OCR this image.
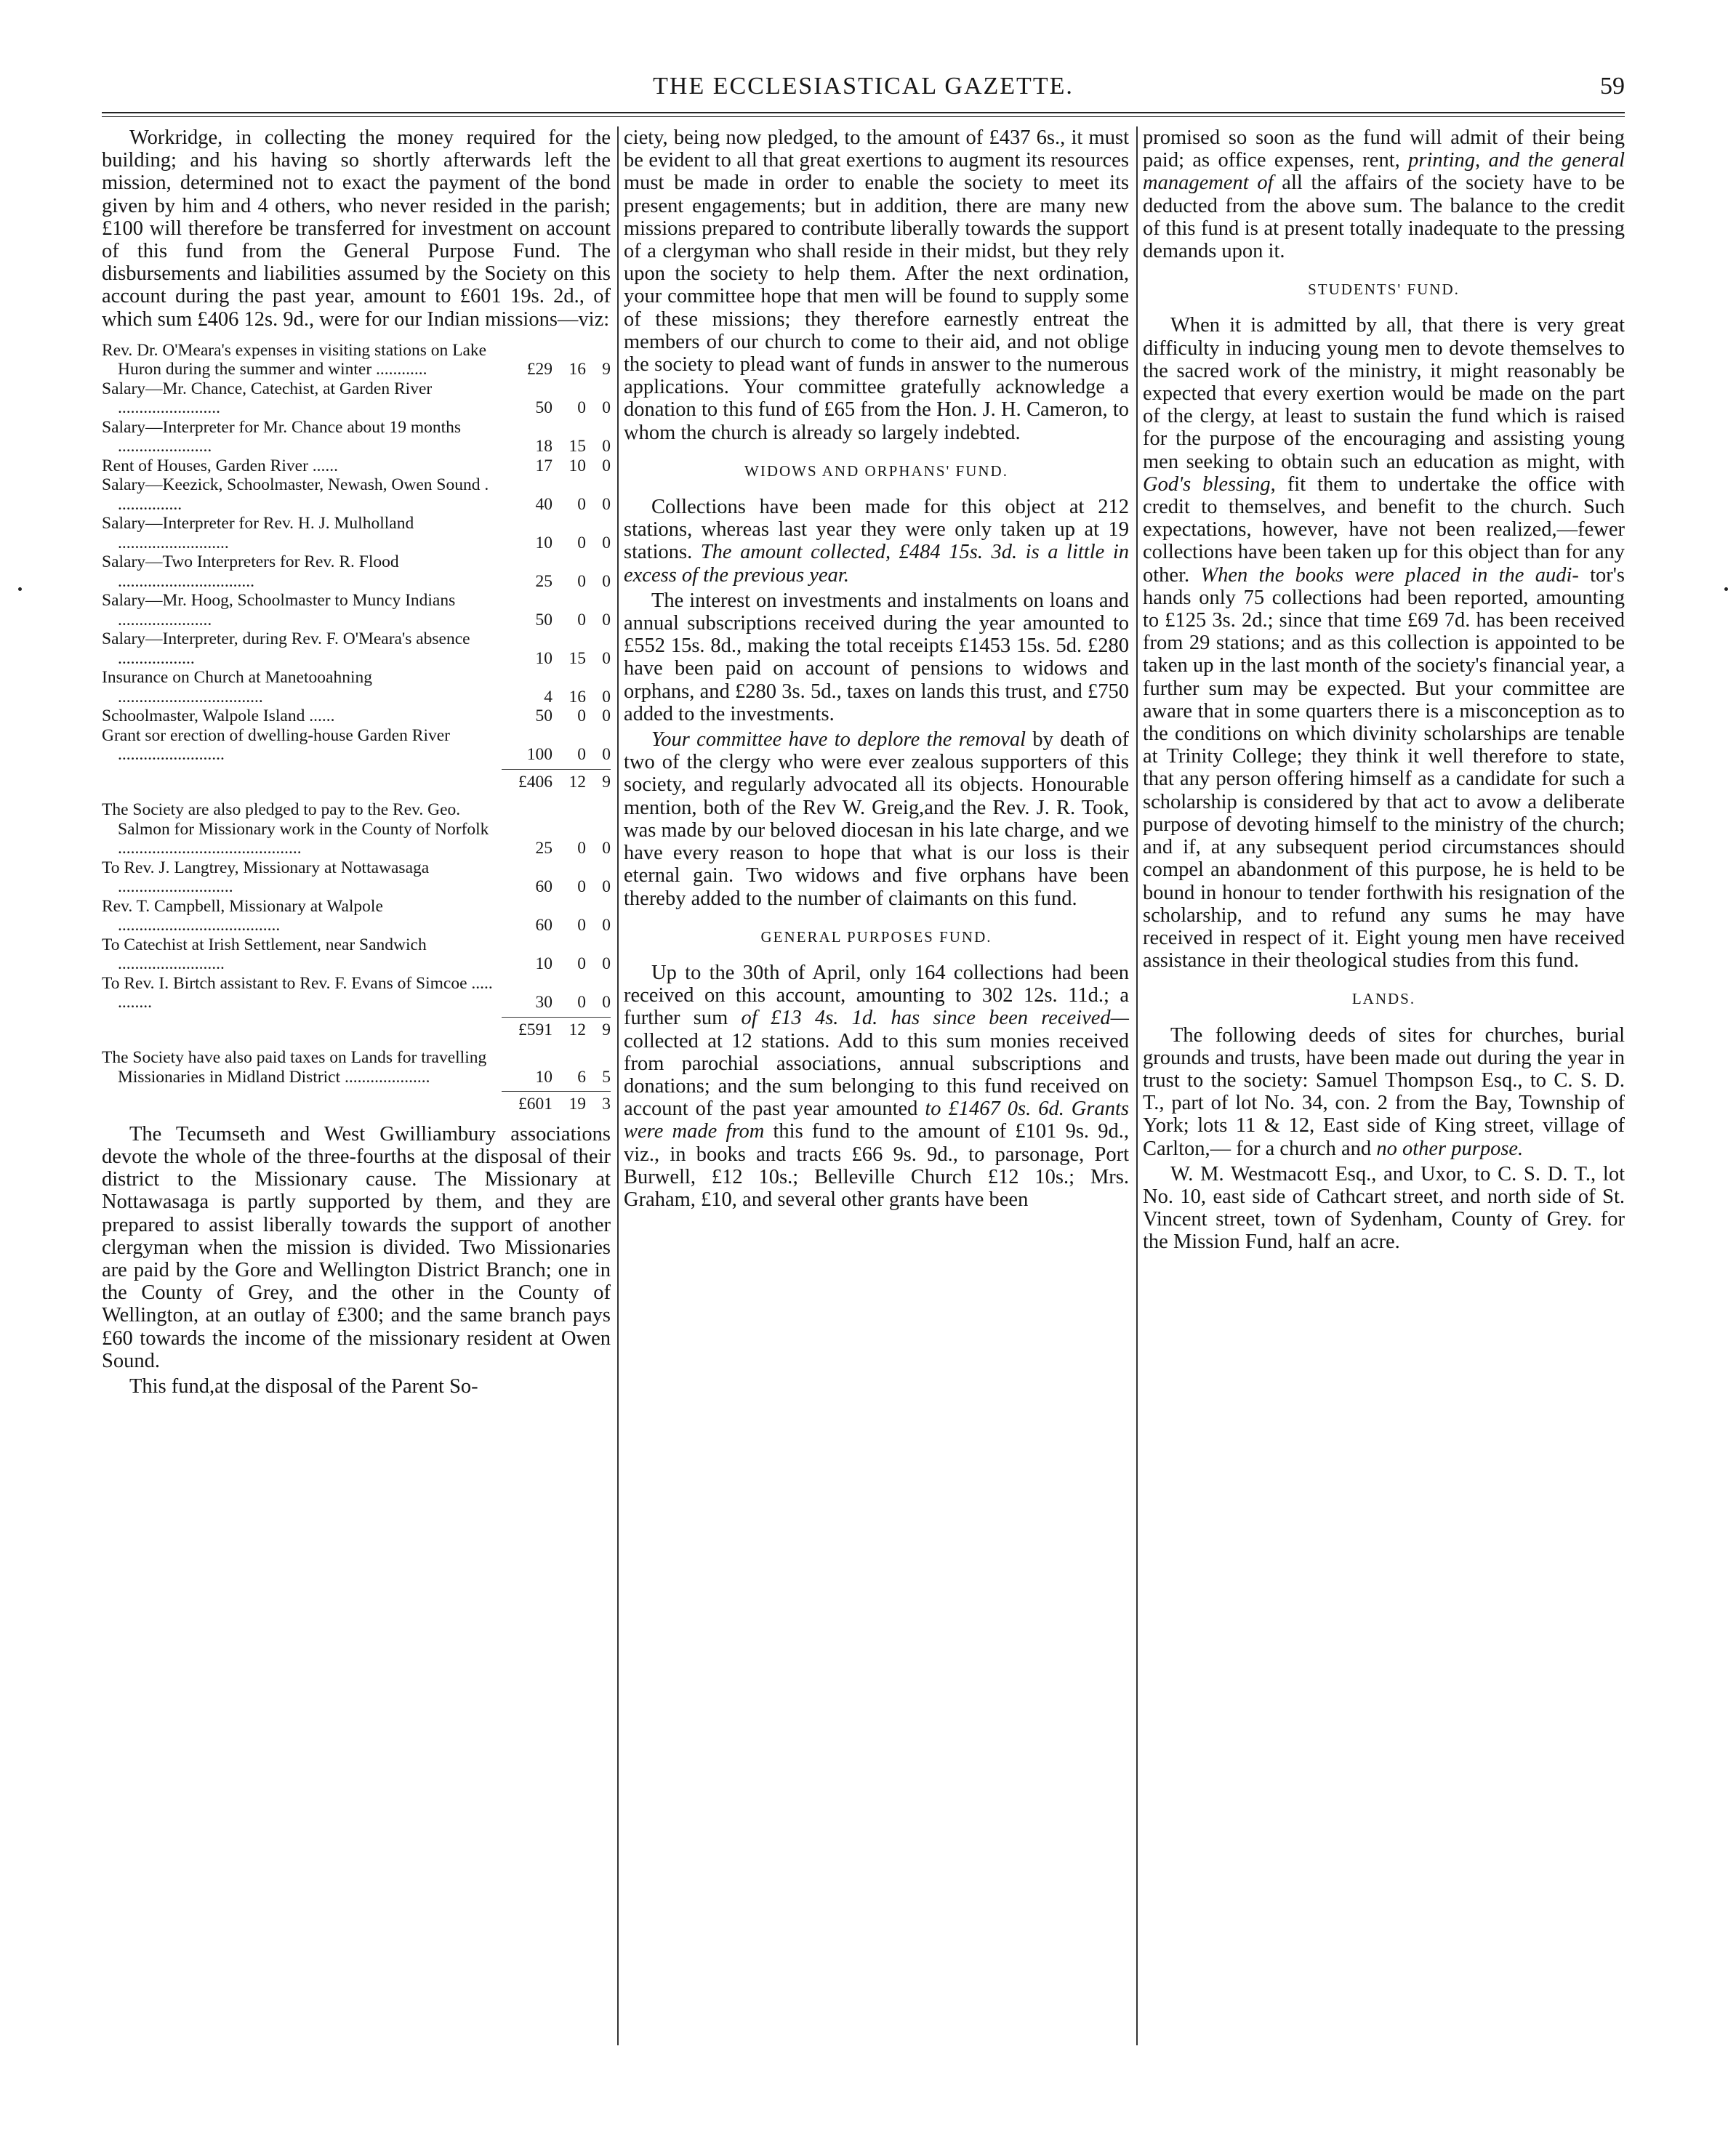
THE ECCLESIASTICAL GAZETTE.	59

Workridge, in collecting the money required for the building; and his having so shortly afterwards left the mission, determined not to exact the payment of the bond given by him and 4 others, who never resided in the parish; £100 will therefore be transferred for investment on account of this fund from the General Purpose Fund. The disbursements and liabilities assumed by the Society on this account during the past year, amount to £601 19s. 2d., of which sum £406 12s. 9d., were for our Indian missions—viz:

Rev. Dr. O'Meara's expenses in visiting stations on Lake Huron during the summer and winter ............	£29 16 9
Salary—Mr. Chance, Catechist, at Garden River ........................	50	0 0
Salary—Interpreter for Mr. Chance about 19 months ......................	18 15 0
Rent of Houses, Garden River ......	17 10 0
Salary—Keezick, Schoolmaster, Newash, Owen Sound . ...............	40	0 0
Salary—Interpreter for Rev. H. J. Mulholland ..........................	10	0 0
Salary—Two Interpreters for Rev. R. Flood ................................	25	0 0
Salary—Mr. Hoog, Schoolmaster to Muncy Indians ......................	50	0 0
Salary—Interpreter, during Rev. F. O'Meara's absence ..................	10 15 0
Insurance on Church at Manetooahning ..................................	4 16 0
Schoolmaster, Walpole Island ......	50	0 0
Grant sor erection of dwelling-house Garden River .........................	100	0 0
£406 12 9
The Society are also pledged to pay to the Rev. Geo. Salmon for Missionary work in the County of Norfolk ...........................................	25	0 0
To Rev. J. Langtrey, Missionary at Nottawasaga ...........................	60	0 0
Rev. T. Campbell, Missionary at Walpole ......................................	60	0 0
To Catechist at Irish Settlement, near Sandwich .........................	10	0 0
To Rev. I. Birtch assistant to Rev. F. Evans of Simcoe ..... ........	30	0 0
£591 12 9
The Society have also paid taxes on Lands for travelling Missionaries in Midland District ....................	10	6 5
£601 19 3

The Tecumseth and West Gwilliambury associations devote the whole of the three-fourths at the disposal of their district to the Missionary cause. The Missionary at Nottawasaga is partly supported by them, and they are prepared to assist liberally towards the support of another clergyman when the mission is divided. Two Missionaries are paid by the Gore and Wellington District Branch; one in the County of Grey, and the other in the County of Wellington, at an outlay of £300; and the same branch pays £60 towards the income of the missionary resident at Owen Sound.

This fund,at the disposal of the Parent So-

ciety, being now pledged, to the amount of £437 6s., it must be evident to all that great exertions to augment its resources must be made in order to enable the society to meet its present engagements; but in addition, there are many new missions prepared to contribute liberally towards the support of a clergyman who shall reside in their midst, but they rely upon the society to help them. After the next ordination, your committee hope that men will be found to supply some of these missions; they therefore earnestly entreat the members of our church to come to their aid, and not oblige the society to plead want of funds in answer to the numerous applications. Your committee gratefully acknowledge a donation to this fund of £65 from the Hon. J. H. Cameron, to whom the church is already so largely indebted.

WIDOWS AND ORPHANS' FUND.

Collections have been made for this object at 212 stations, whereas last year they were only taken up at 19 stations. The amount collected, £484 15s. 3d. is a little in excess of the previous year.

The interest on investments and instalments on loans and annual subscriptions received during the year amounted to £552 15s. 8d., making the total receipts £1453 15s. 5d. £280 have been paid on account of pensions to widows and orphans, and £280 3s. 5d., taxes on lands this trust, and £750 added to the investments.

Your committee have to deplore the removal by death of two of the clergy who were ever zealous supporters of this society, and regularly advocated all its objects. Honourable mention, both of the Rev W. Greig,and the Rev. J. R. Took, was made by our beloved diocesan in his late charge, and we have every reason to hope that what is our loss is their eternal gain. Two widows and five orphans have been thereby added to the number of claimants on this fund.

GENERAL PURPOSES FUND.

Up to the 30th of April, only 164 collections had been received on this account, amounting to 302 12s. 11d.; a further sum of £13 4s. 1d. has since been received— collected at 12 stations. Add to this sum monies received from parochial associations, annual subscriptions and donations; and the sum belonging to this fund received on account of the past year amounted to £1467 0s. 6d. Grants were made from this fund to the amount of £101 9s. 9d., viz., in books and tracts £66 9s. 9d., to parsonage, Port Burwell, £12 10s.; Belleville Church £12 10s.; Mrs. Graham, £10, and several other grants have been

promised so soon as the fund will admit of their being paid; as office expenses, rent, printing, and the general management of all the affairs of the society have to be deducted from the above sum. The balance to the credit of this fund is at present totally inadequate to the pressing demands upon it.

STUDENTS' FUND.

When it is admitted by all, that there is very great difficulty in inducing young men to devote themselves to the sacred work of the ministry, it might reasonably be expected that every exertion would be made on the part of the clergy, at least to sustain the fund which is raised for the purpose of the encouraging and assisting young men seeking to obtain such an education as might, with God's blessing, fit them to undertake the office with credit to themselves, and benefit to the church. Such expectations, however, have not been realized,—fewer collections have been taken up for this object than for any other. When the books were placed in the audi- tor's hands only 75 collections had been reported, amounting to £125 3s. 2d.; since that time £69 7d. has been received from 29 stations; and as this collection is appointed to be taken up in the last month of the society's financial year, a further sum may be expected. But your committee are aware that in some quarters there is a misconception as to the conditions on which divinity scholarships are tenable at Trinity College; they think it well therefore to state, that any person offering himself as a candidate for such a scholarship is considered by that act to avow a deliberate purpose of devoting himself to the ministry of the church; and if, at any subsequent period circumstances should compel an abandonment of this purpose, he is held to be bound in honour to tender forthwith his resignation of the scholarship, and to refund any sums he may have received in respect of it. Eight young men have received assistance in their theological studies from this fund.

LANDS.

The following deeds of sites for churches, burial grounds and trusts, have been made out during the year in trust to the society: Samuel Thompson Esq., to C. S. D. T., part of lot No. 34, con. 2 from the Bay, Township of York; lots 11 & 12, East side of King street, village of Carlton,— for a church and no other purpose.

W. M. Westmacott Esq., and Uxor, to C. S. D. T., lot No. 10, east side of Cathcart street, and north side of St. Vincent street, town of Sydenham, County of Grey. for the Mission Fund, half an acre.
